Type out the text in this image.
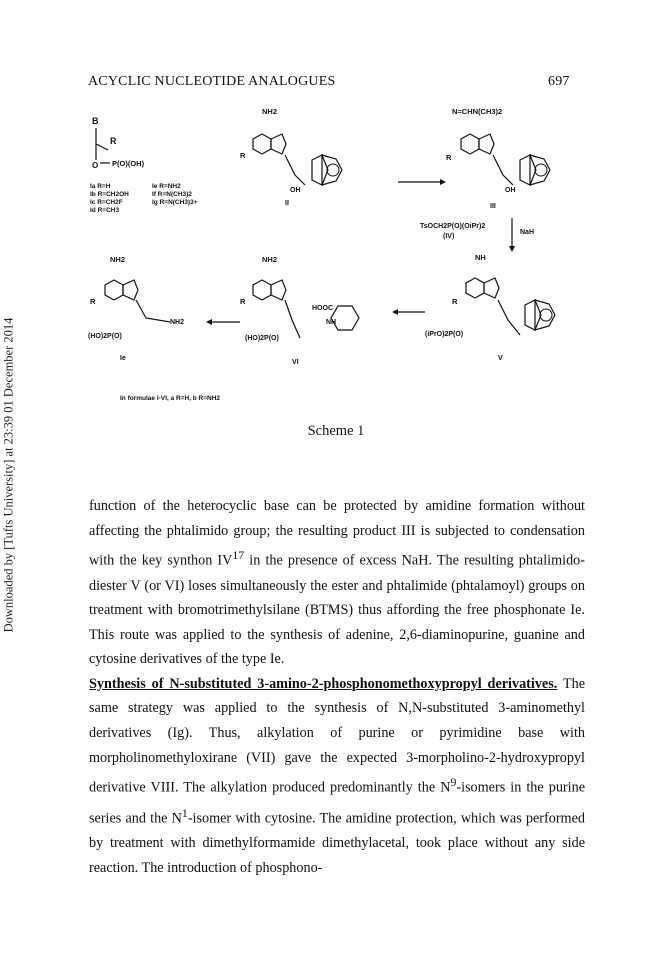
ACYCLIC NUCLEOTIDE ANALOGUES	697
Downloaded by [Tufts University] at 23:39 01 December 2014
B
R
O P(O)(OH)
Ia R=H
Ib R=CH2OH
Ic R=CH2F
Id R=CH3
Ie R=NH2
If R=N(CH3)2
Ig R=N(CH3)3+
NH2
R
OH
II
N=CHN(CH3)2
R
OH
III
TsOCH2P(O)(OiPr)2
(IV)
NaH
NH
R
(iPrO)2P(O)
V
NH2
R
HOOC
NH
(HO)2P(O)
VI
NH2
R
NH2
(HO)2P(O)
Ie
In formulae I-VI, a R=H, b R=NH2
Scheme 1

function of the heterocyclic base can be protected by amidine formation without affecting the phtalimido group; the resulting product III is subjected to condensation with the key synthon IV$^{17}$ in the presence of excess NaH. The resulting phtalimido-diester V (or VI) loses simultaneously the ester and phtalimide (phtalamoyl) groups on treatment with bromotrimethylsilane (BTMS) thus affording the free phosphonate Ie. This route was applied to the synthesis of adenine, 2,6-diaminopurine, guanine and cytosine derivatives of the type Ie.

Synthesis of N-substituted 3-amino-2-phosphonomethoxypropyl derivatives. The same strategy was applied to the synthesis of N,N-substituted 3-aminomethyl derivatives (Ig). Thus, alkylation of purine or pyrimidine base with morpholinomethyloxirane (VII) gave the expected 3-morpholino-2-hydroxypropyl derivative VIII. The alkylation produced predominantly the $N^9$-isomers in the purine series and the $N^1$-isomer with cytosine. The amidine protection, which was performed by treatment with dimethylformamide dimethylacetal, took place without any side reaction. The introduction of phosphono-
